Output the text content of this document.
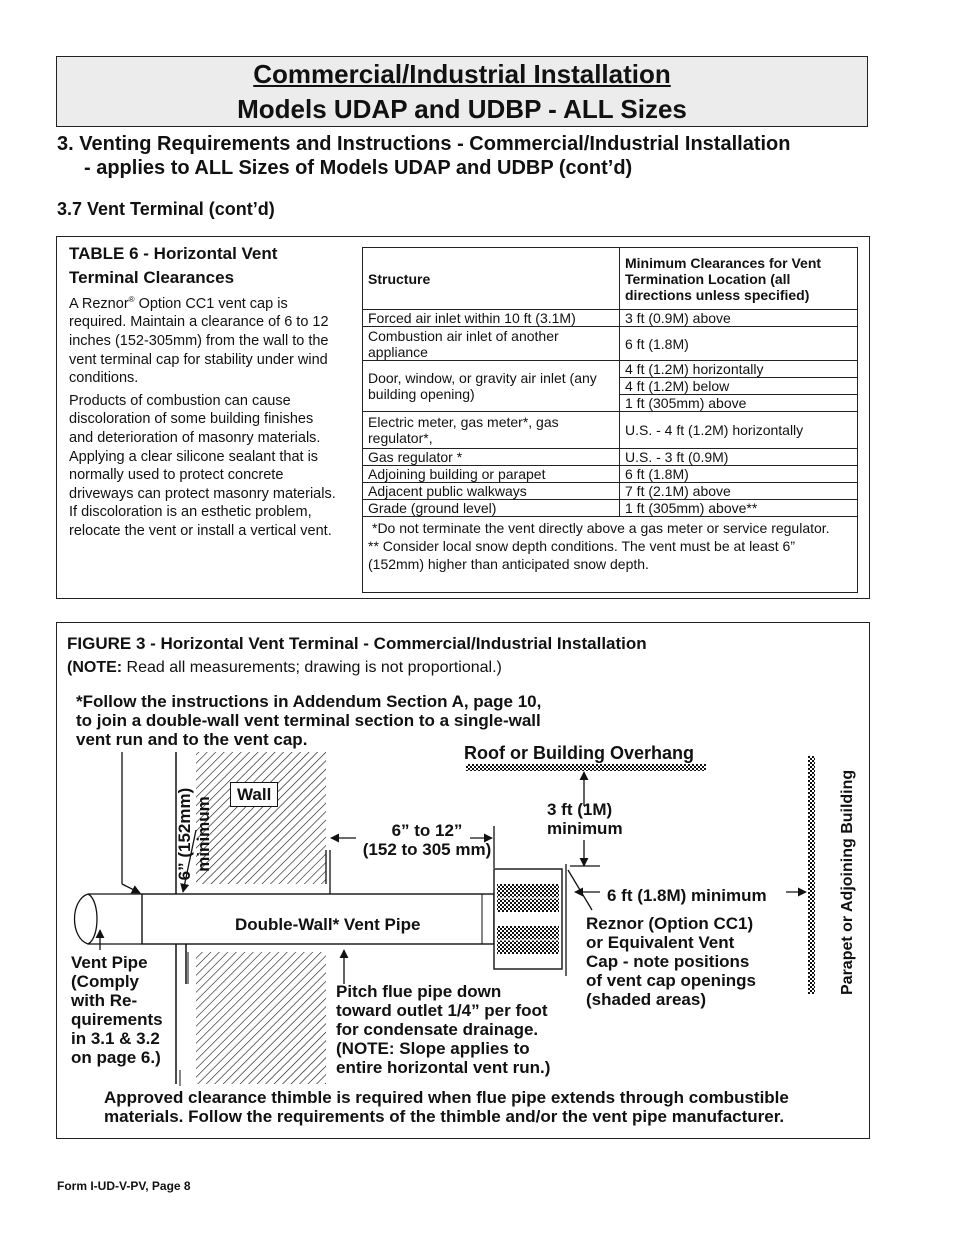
Commercial/Industrial Installation
Models UDAP and UDBP - ALL Sizes
3. Venting Requirements and Instructions - Commercial/Industrial Installation
- applies to ALL Sizes of Models UDAP and UDBP (cont’d)
3.7 Vent Terminal (cont’d)
TABLE 6 - Horizontal Vent
Terminal Clearances
A Reznor® Option CC1 vent cap is required. Maintain a clearance of 6 to 12 inches (152-305mm) from the wall to the vent terminal cap for stability under wind conditions.
Products of combustion can cause discoloration of some building finishes and deterioration of masonry materials. Applying a clear silicone sealant that is normally used to protect concrete driveways can protect masonry materials. If discoloration is an esthetic problem, relocate the vent or install a vertical vent.
Structure	Minimum Clearances for Vent Termination Location (all directions unless specified)
Forced air inlet within 10 ft (3.1M)	3 ft (0.9M) above
Combustion air inlet of another appliance	6 ft (1.8M)
Door, window, or gravity air inlet (any building opening)	4 ft (1.2M) horizontally
	4 ft (1.2M) below
	1 ft (305mm) above
Electric meter, gas meter*, gas regulator*,	U.S. - 4 ft (1.2M) horizontally
Gas regulator *	U.S. - 3 ft (0.9M)
Adjoining building or parapet	6 ft (1.8M)
Adjacent public walkways	7 ft (2.1M) above
Grade (ground level)	1 ft (305mm) above**

*Do not terminate the vent directly above a gas meter or service regulator.
** Consider local snow depth conditions. The vent must be at least 6” (152mm) higher than anticipated snow depth.	
FIGURE 3 - Horizontal Vent Terminal - Commercial/Industrial Installation
(NOTE: Read all measurements; drawing is not proportional.)
*Follow the instructions in Addendum Section A, page 10,
to join a double-wall vent terminal section to a single-wall
vent run and to the vent cap.
Roof or Building Overhang
Wall
6” (152mm) minimum	6” to 12”
(152 to 305 mm)
3 ft (1M)
minimum
6 ft (1.8M) minimum	Parapet or Adjoining Building
Double-Wall* Vent Pipe	Reznor (Option CC1)
or Equivalent Vent
Cap - note positions
of vent cap openings
(shaded areas)
Vent Pipe
(Comply
with Re-
quirements
in 3.1 & 3.2
on page 6.)
Pitch flue pipe down
toward outlet 1/4” per foot
for condensate drainage.
(NOTE: Slope applies to
entire horizontal vent run.)
Approved clearance thimble is required when flue pipe extends through combustible
materials. Follow the requirements of the thimble and/or the vent pipe manufacturer.
Form I-UD-V-PV, Page 8
